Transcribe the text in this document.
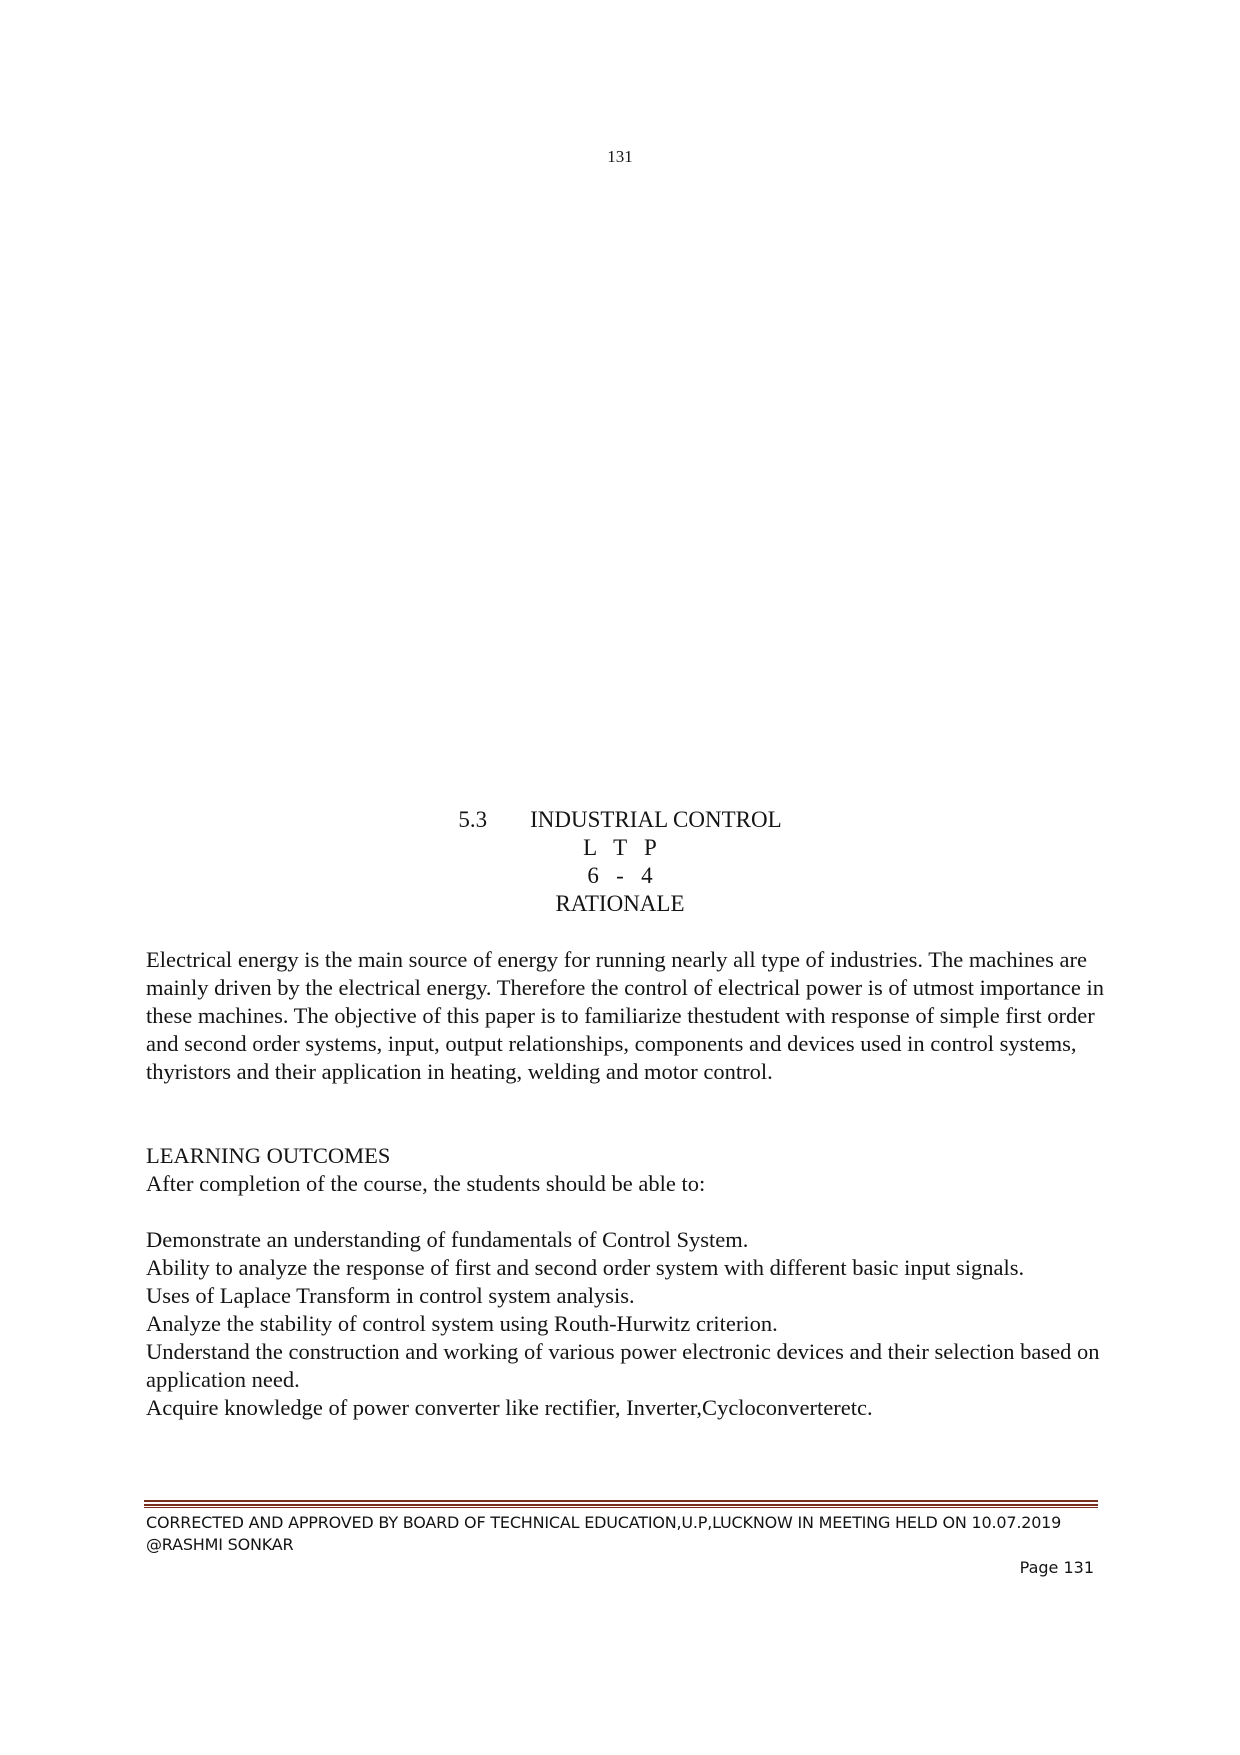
131
5.3 INDUSTRIAL CONTROL
L   T   P
6   -   4
RATIONALE
Electrical energy is the main source of energy for running nearly all type of industries. The machines are mainly driven by the electrical energy. Therefore the control of electrical power is of utmost importance in these machines. The objective of this paper is to familiarize thestudent with response of simple first order and second order systems, input, output relationships, components and devices used in control systems, thyristors and their application in heating, welding and motor control.

LEARNING OUTCOMES

After completion of the course, the students should be able to:

Demonstrate an understanding of fundamentals of Control System.

Ability to analyze the response of first and second order system with different basic input signals.

Uses of Laplace Transform in control system analysis.

Analyze the stability of control system using Routh-Hurwitz criterion.

Understand the construction and working of various power electronic devices and their selection based on application need.

Acquire knowledge of power converter like rectifier, Inverter,Cycloconverteretc.

CORRECTED AND APPROVED BY BOARD OF TECHNICAL EDUCATION,U.P,LUCKNOW IN MEETING HELD ON 10.07.2019 @RASHMI SONKAR
Page 131
